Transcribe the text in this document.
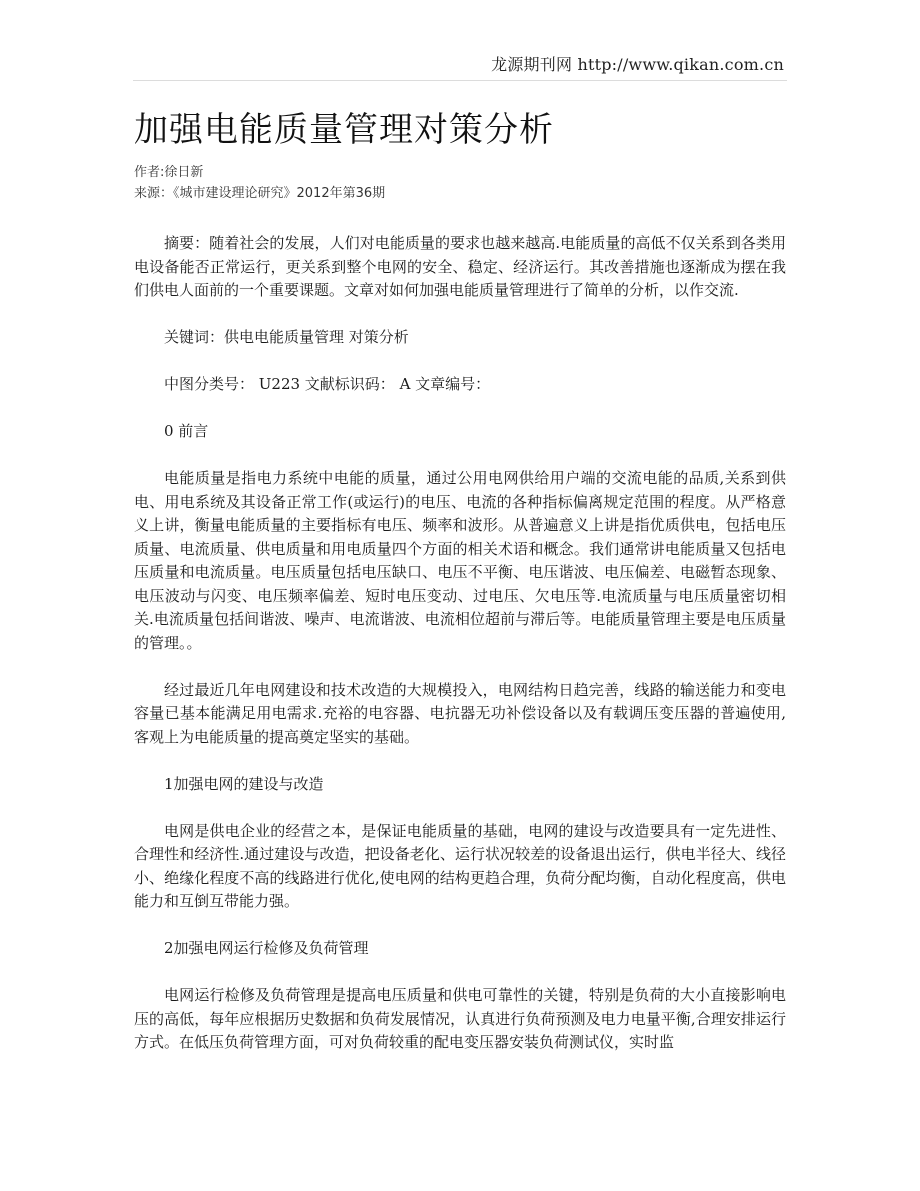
龙源期刊网 http://www.qikan.com.cn
加强电能质量管理对策分析
作者:徐日新
来源：《城市建设理论研究》2012年第36期

摘要：随着社会的发展，人们对电能质量的要求也越来越高.电能质量的高低不仅关系到各类用电设备能否正常运行，更关系到整个电网的安全、稳定、经济运行。其改善措施也逐渐成为摆在我们供电人面前的一个重要课题。文章对如何加强电能质量管理进行了简单的分析，以作交流.

关键词：供电电能质量管理 对策分析

中图分类号： U223 文献标识码： A 文章编号：

0 前言

电能质量是指电力系统中电能的质量，通过公用电网供给用户端的交流电能的品质,关系到供电、用电系统及其设备正常工作(或运行)的电压、电流的各种指标偏离规定范围的程度。从严格意义上讲，衡量电能质量的主要指标有电压、频率和波形。从普遍意义上讲是指优质供电，包括电压质量、电流质量、供电质量和用电质量四个方面的相关术语和概念。我们通常讲电能质量又包括电压质量和电流质量。电压质量包括电压缺口、电压不平衡、电压谐波、电压偏差、电磁暂态现象、电压波动与闪变、电压频率偏差、短时电压变动、过电压、欠电压等.电流质量与电压质量密切相关.电流质量包括间谐波、噪声、电流谐波、电流相位超前与滞后等。电能质量管理主要是电压质量的管理。。

经过最近几年电网建设和技术改造的大规模投入，电网结构日趋完善，线路的输送能力和变电容量已基本能满足用电需求.充裕的电容器、电抗器无功补偿设备以及有载调压变压器的普遍使用,客观上为电能质量的提高奠定坚实的基础。

1加强电网的建设与改造

电网是供电企业的经营之本，是保证电能质量的基础，电网的建设与改造要具有一定先进性、合理性和经济性.通过建设与改造，把设备老化、运行状况较差的设备退出运行，供电半径大、线径小、绝缘化程度不高的线路进行优化,使电网的结构更趋合理，负荷分配均衡，自动化程度高，供电能力和互倒互带能力强。

2加强电网运行检修及负荷管理

电网运行检修及负荷管理是提高电压质量和供电可靠性的关键，特别是负荷的大小直接影响电压的高低，每年应根据历史数据和负荷发展情况，认真进行负荷预测及电力电量平衡,合理安排运行方式。在低压负荷管理方面，可对负荷较重的配电变压器安装负荷测试仪，实时监
